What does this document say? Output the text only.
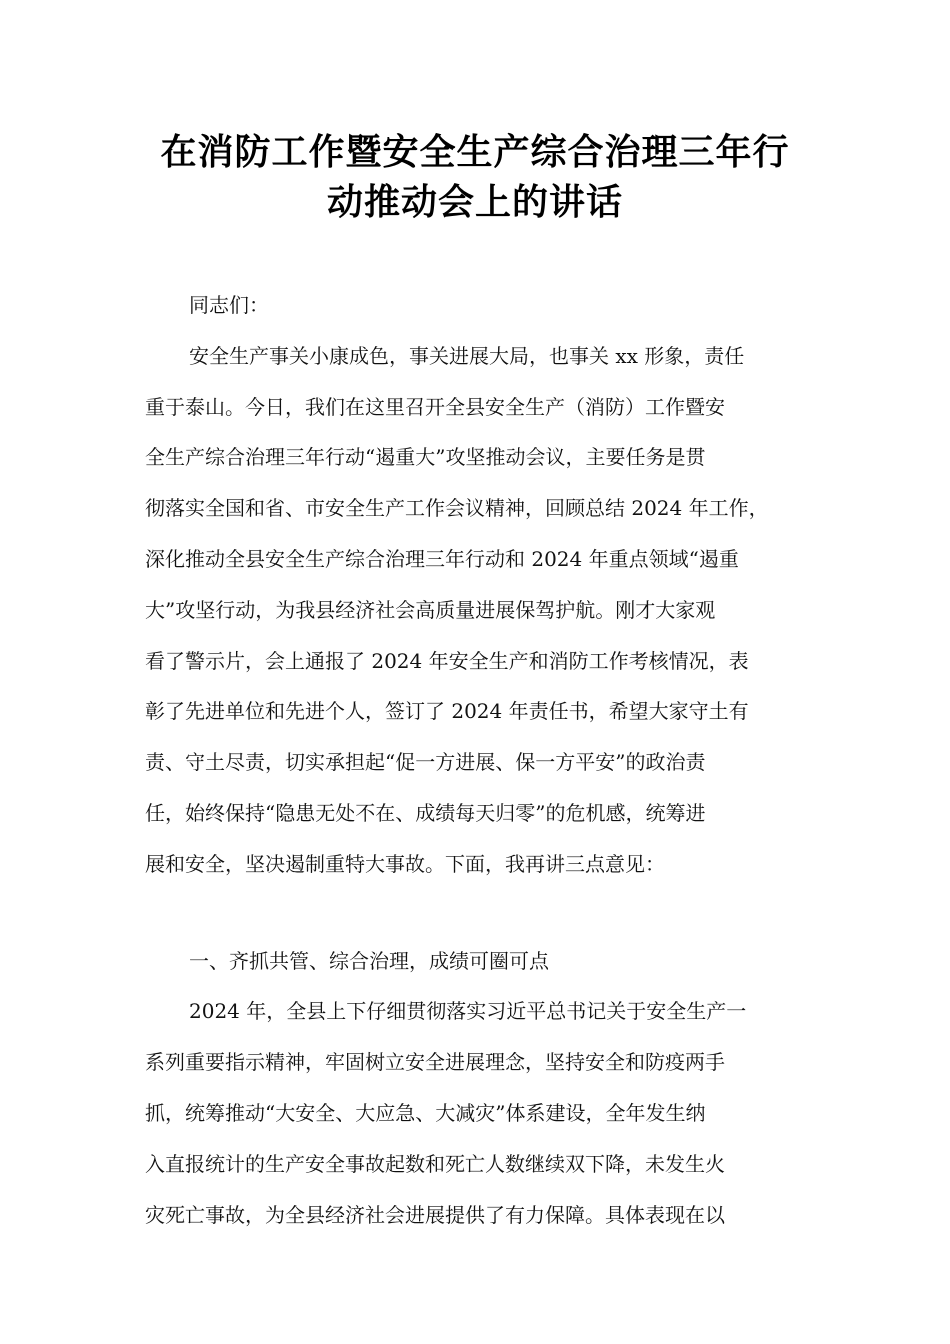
在消防工作暨安全生产综合治理三年行
动推动会上的讲话
同志们：
安全生产事关小康成色，事关进展大局，也事关 xx 形象，责任
重于泰山。今日，我们在这里召开全县安全生产（消防）工作暨安
全生产综合治理三年行动“遏重大”攻坚推动会议，主要任务是贯
彻落实全国和省、市安全生产工作会议精神，回顾总结 2024 年工作，
深化推动全县安全生产综合治理三年行动和 2024 年重点领域“遏重
大”攻坚行动，为我县经济社会高质量进展保驾护航。刚才大家观
看了警示片，会上通报了 2024 年安全生产和消防工作考核情况，表
彰了先进单位和先进个人，签订了 2024 年责任书，希望大家守土有
责、守土尽责，切实承担起“促一方进展、保一方平安”的政治责
任，始终保持“隐患无处不在、成绩每天归零”的危机感，统筹进
展和安全，坚决遏制重特大事故。下面，我再讲三点意见：
一、齐抓共管、综合治理，成绩可圈可点
2024 年，全县上下仔细贯彻落实习近平总书记关于安全生产一
系列重要指示精神，牢固树立安全进展理念，坚持安全和防疫两手
抓，统筹推动“大安全、大应急、大减灾”体系建设，全年发生纳
入直报统计的生产安全事故起数和死亡人数继续双下降，未发生火
灾死亡事故，为全县经济社会进展提供了有力保障。具体表现在以
